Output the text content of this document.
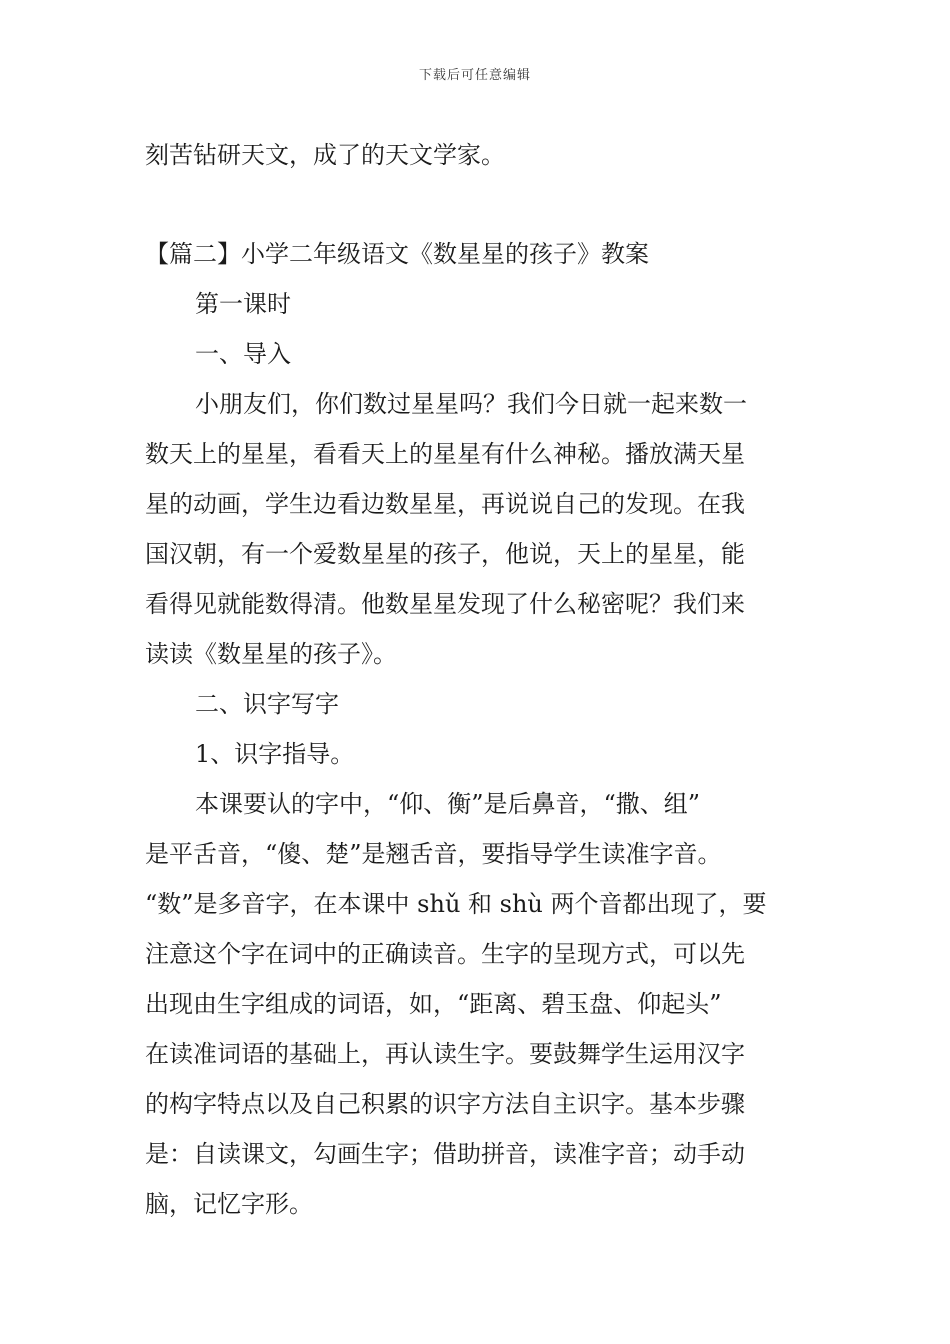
下载后可任意编辑
刻苦钻研天文，成了的天文学家。
【篇二】小学二年级语文《数星星的孩子》教案
第一课时
一、导入
小朋友们，你们数过星星吗？我们今日就一起来数一
数天上的星星，看看天上的星星有什么神秘。播放满天星
星的动画，学生边看边数星星，再说说自己的发现。在我
国汉朝，有一个爱数星星的孩子，他说，天上的星星，能
看得见就能数得清。他数星星发现了什么秘密呢？我们来
读读《数星星的孩子》。
二、识字写字
1、识字指导。
本课要认的字中，“仰、衡”是后鼻音，“撒、组”
是平舌音，“傻、楚”是翘舌音，要指导学生读准字音。
“数”是多音字，在本课中 shǔ 和 shù 两个音都出现了，要
注意这个字在词中的正确读音。生字的呈现方式，可以先
出现由生字组成的词语，如，“距离、碧玉盘、仰起头”
在读准词语的基础上，再认读生字。要鼓舞学生运用汉字
的构字特点以及自己积累的识字方法自主识字。基本步骤
是：自读课文，勾画生字；借助拼音，读准字音；动手动
脑，记忆字形。
